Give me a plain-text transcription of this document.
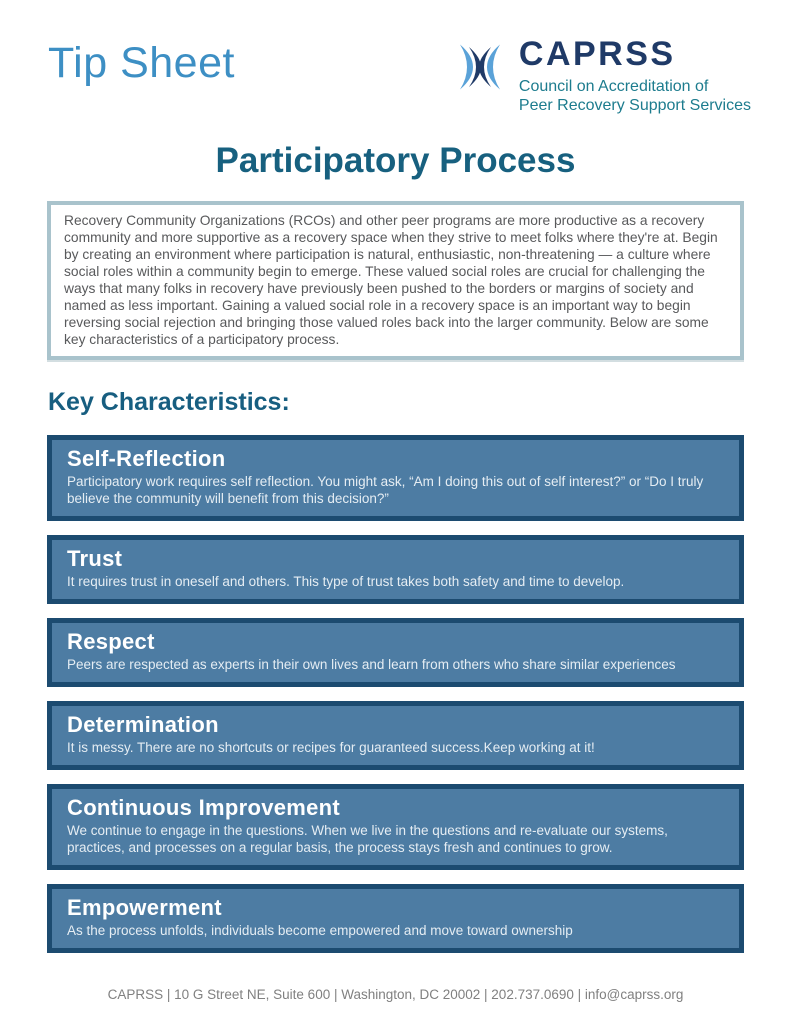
Tip Sheet	CAPRSS
Council on Accreditation of
Peer Recovery Support Services
Participatory Process

Recovery Community Organizations (RCOs) and other peer programs are more productive as a recovery community and more supportive as a recovery space when they strive to meet folks where they're at. Begin by creating an environment where participation is natural, enthusiastic, non-threatening — a culture where social roles within a community begin to emerge. These valued social roles are crucial for challenging the ways that many folks in recovery have previously been pushed to the borders or margins of society and named as less important. Gaining a valued social role in a recovery space is an important way to begin reversing social rejection and bringing those valued roles back into the larger community. Below are some key characteristics of a participatory process.

Key Characteristics:
Self-Reflection

Participatory work requires self reflection. You might ask, “Am I doing this out of self interest?” or “Do I truly believe the community will benefit from this decision?”

Trust

It requires trust in oneself and others. This type of trust takes both safety and time to develop.

Respect

Peers are respected as experts in their own lives and learn from others who share similar experiences

Determination

It is messy. There are no shortcuts or recipes for guaranteed success.Keep working at it!

Continuous Improvement

We continue to engage in the questions. When we live in the questions and re-evaluate our systems, practices, and processes on a regular basis, the process stays fresh and continues to grow.

Empowerment

As the process unfolds, individuals become empowered and move toward ownership

CAPRSS | 10 G Street NE, Suite 600 | Washington, DC 20002 | 202.737.0690 | info@caprss.org
